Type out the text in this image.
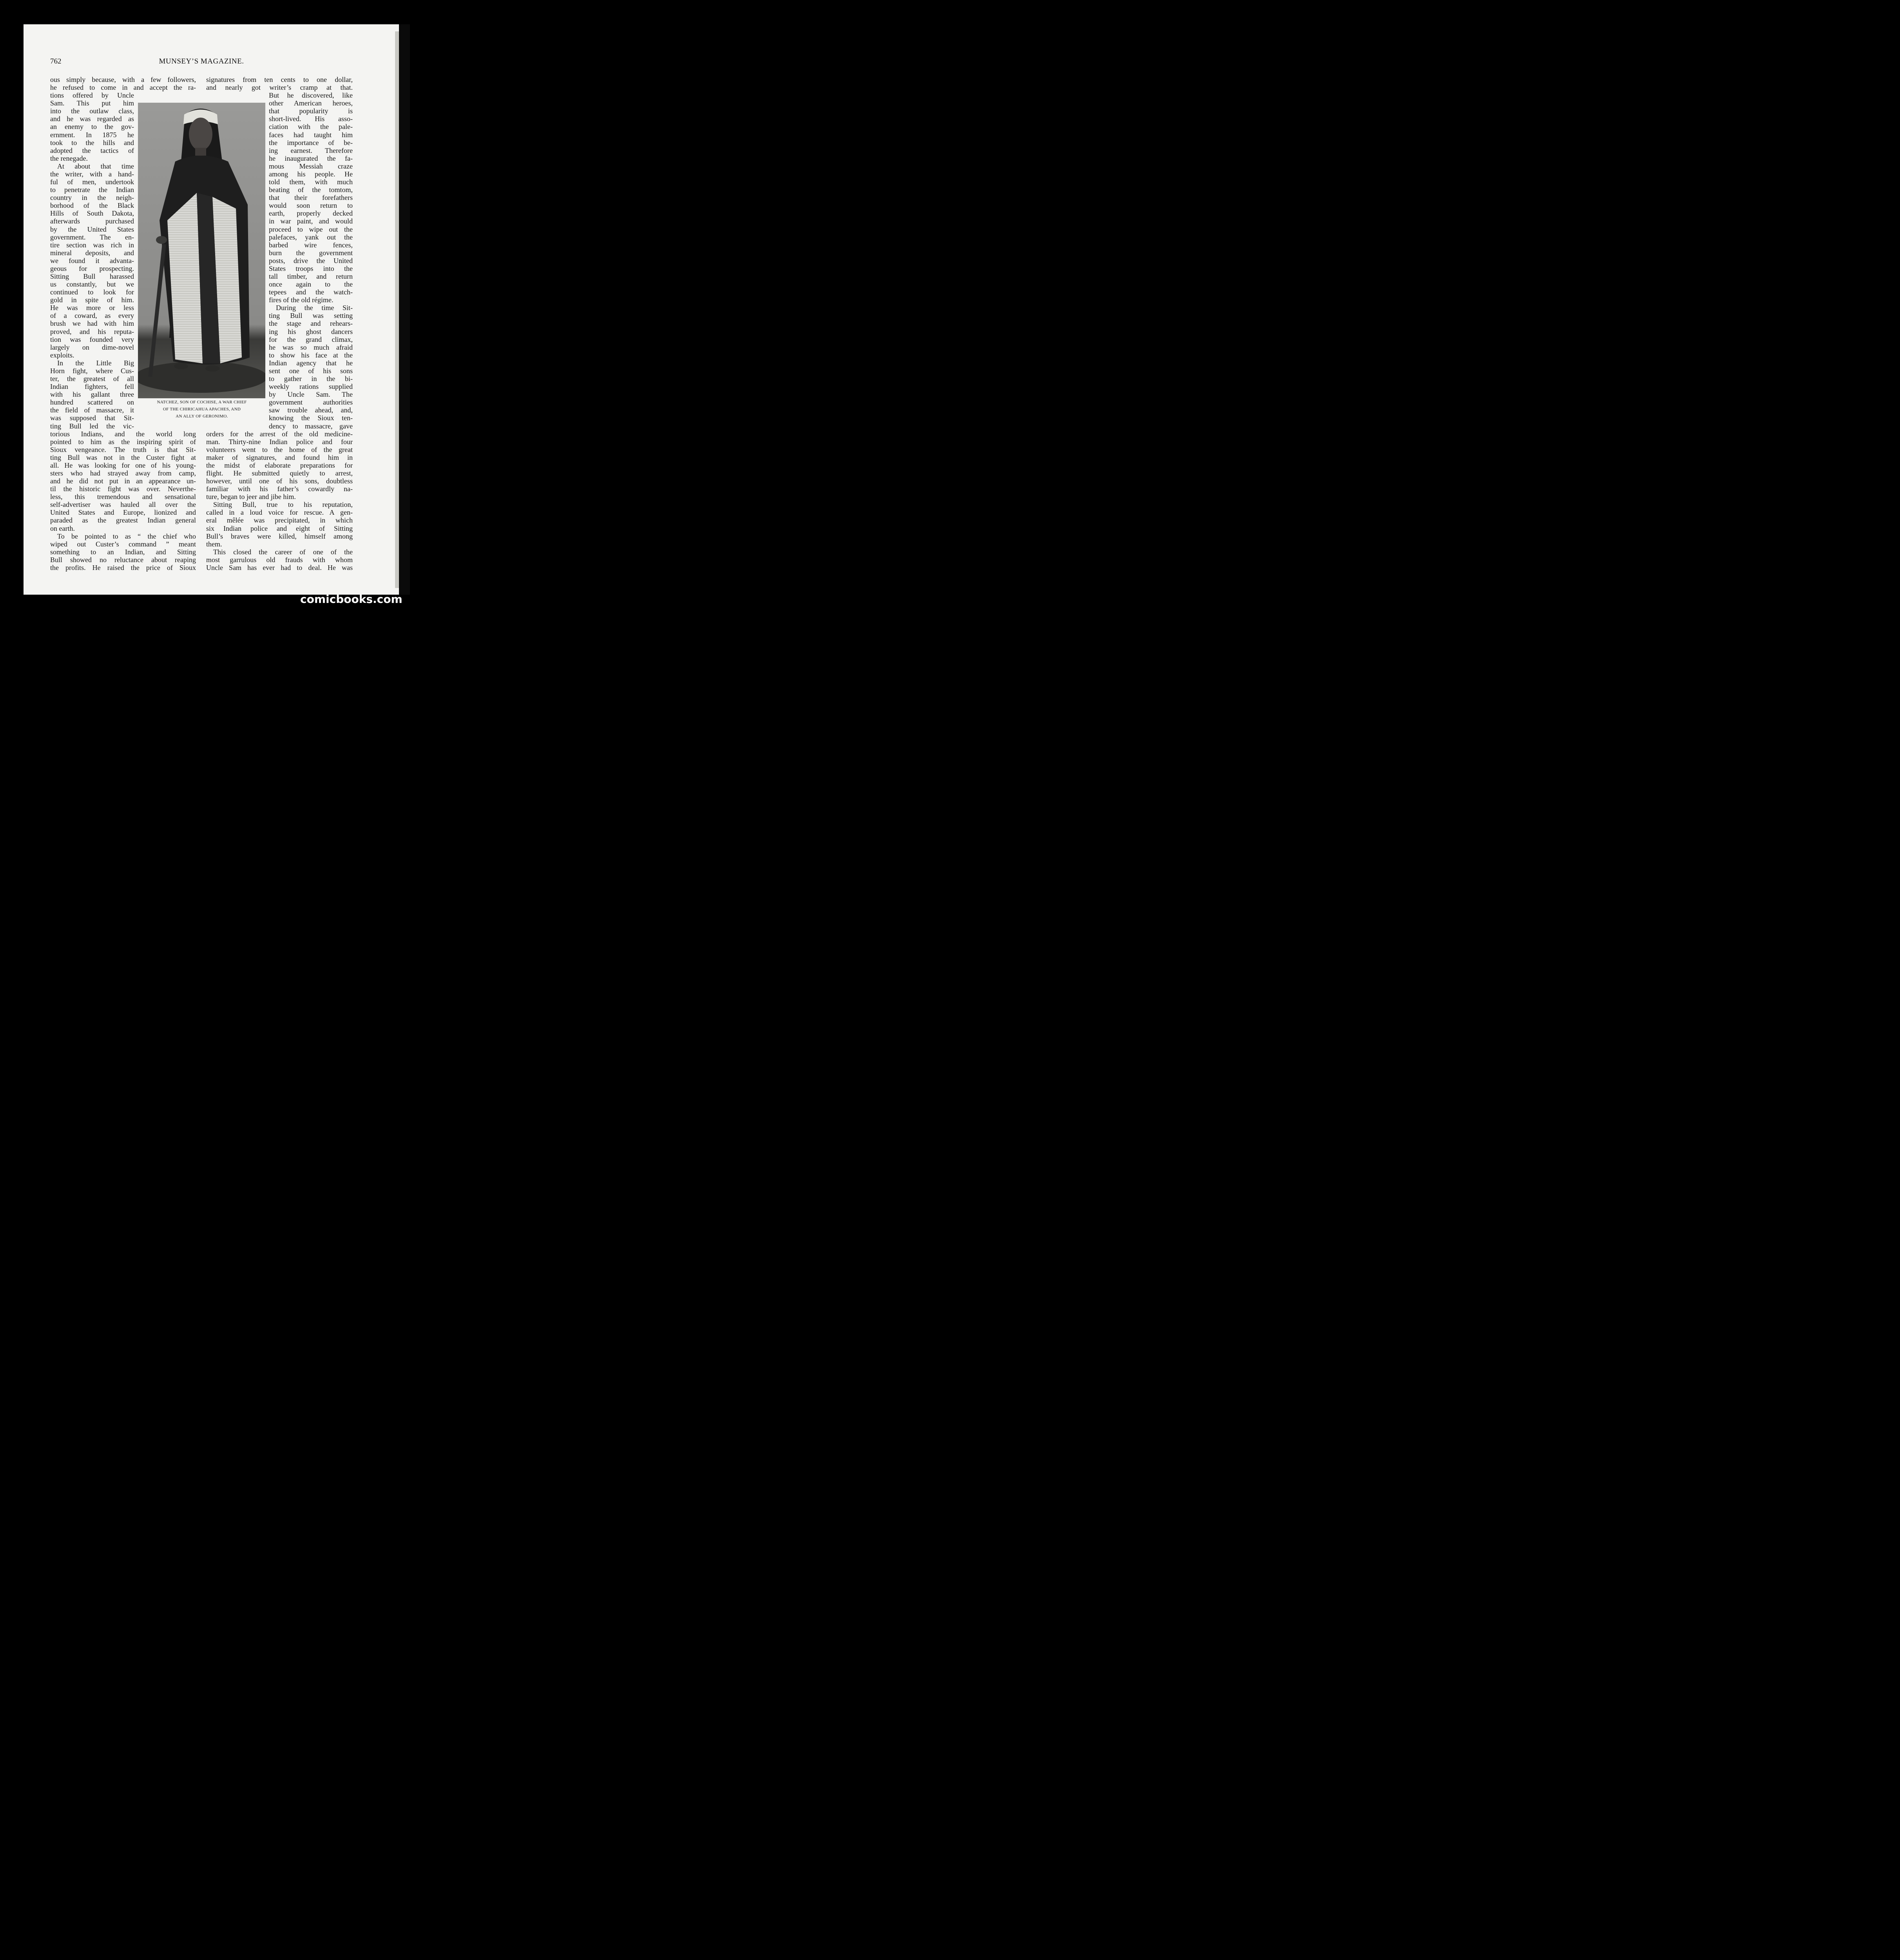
762	MUNSEY’S MAGAZINE.
ous simply because, with a few followers,
he refused to come in and accept the ra-
tions offered by Uncle
Sam. This put him
into the outlaw class,
and he was regarded as
an enemy to the gov-
ernment. In 1875 he
took to the hills and
adopted the tactics of
the renegade.
At about that time
the writer, with a hand-
ful of men, undertook
to penetrate the Indian
country in the neigh-
borhood of the Black
Hills of South Dakota,
afterwards purchased
by the United States
government. The en-
tire section was rich in
mineral deposits, and
we found it advanta-
geous for prospecting.
Sitting Bull harassed
us constantly, but we
continued to look for
gold in spite of him.
He was more or less
of a coward, as every
brush we had with him
proved, and his reputa-
tion was founded very
largely on dime-novel
exploits.
In the Little Big
Horn fight, where Cus-
ter, the greatest of all
Indian fighters, fell
with his gallant three
hundred scattered on
the field of massacre, it
was supposed that Sit-
ting Bull led the vic-
torious Indians, and the world long
pointed to him as the inspiring spirit of
Sioux vengeance. The truth is that Sit-
ting Bull was not in the Custer fight at
all. He was looking for one of his young-
sters who had strayed away from camp,
and he did not put in an appearance un-
til the historic fight was over. Neverthe-
less, this tremendous and sensational
self-advertiser was hauled all over the
United States and Europe, lionized and
paraded as the greatest Indian general
on earth.
To be pointed to as “ the chief who
wiped out Custer’s command ” meant
something to an Indian, and Sitting
Bull showed no reluctance about reaping
the profits. He raised the price of Sioux
signatures from ten cents to one dollar,
and nearly got writer’s cramp at that.
But he discovered, like
other American heroes,
that popularity is
short-lived. His asso-
ciation with the pale-
faces had taught him
the importance of be-
ing earnest. Therefore
he inaugurated the fa-
mous Messiah craze
among his people. He
told them, with much
beating of the tomtom,
that their forefathers
would soon return to
earth, properly decked
in war paint, and would
proceed to wipe out the
palefaces, yank out the
barbed wire fences,
burn the government
posts, drive the United
States troops into the
tall timber, and return
once again to the
tepees and the watch-
fires of the old régime.
During the time Sit-
ting Bull was setting
the stage and rehears-
ing his ghost dancers
for the grand climax,
he was so much afraid
to show his face at the
Indian agency that he
sent one of his sons
to gather in the bi-
weekly rations supplied
by Uncle Sam. The
government authorities
saw trouble ahead, and,
knowing the Sioux ten-
dency to massacre, gave
orders for the arrest of the old medicine-
man. Thirty-nine Indian police and four
volunteers went to the home of the great
maker of signatures, and found him in
the midst of elaborate preparations for
flight. He submitted quietly to arrest,
however, until one of his sons, doubtless
familiar with his father’s cowardly na-
ture, began to jeer and jibe him.
Sitting Bull, true to his reputation,
called in a loud voice for rescue. A gen-
eral mêlée was precipitated, in which
six Indian police and eight of Sitting
Bull’s braves were killed, himself among
them.
This closed the career of one of the
most garrulous old frauds with whom
Uncle Sam has ever had to deal. He was
NATCHEZ, SON OF COCHISE, A WAR CHIEF
OF THE CHIRICAHUA APACHES, AND
AN ALLY OF GERONIMO.
comicbooks.com
